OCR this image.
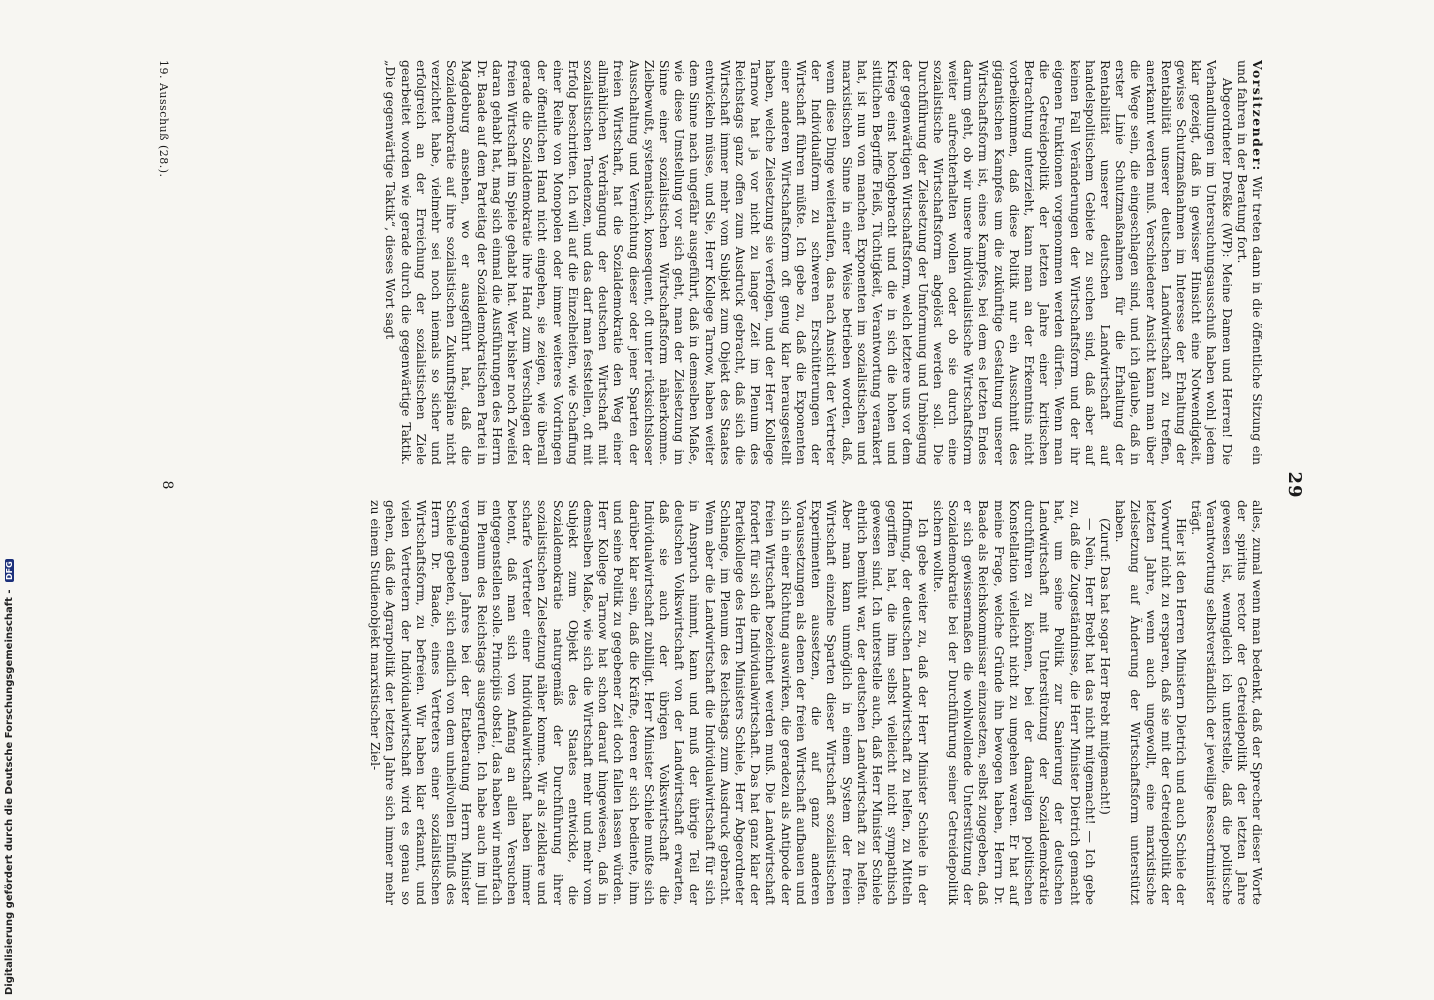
Digitalisierung gefördert durch die Deutsche Forschungsgemeinschaft - DFG
29

Vorsitzender: Wir treten dann in die öffentliche Sitzung ein und fahren in der Beratung fort.

Abgeordneter Dreßke (WP): Meine Damen und Herren! Die Verhandlungen im Untersuchungsausschuß haben wohl jedem klar gezeigt, daß in gewisser Hinsicht eine Notwendigkeit, gewisse Schutzmaßnahmen im Interesse der Erhaltung der Rentabilität unserer deutschen Landwirtschaft zu treffen, anerkannt werden muß. Verschiedener Ansicht kann man über die Wege sein, die eingeschlagen sind, und ich glaube, daß in erster Linie Schutzmaßnahmen für die Erhaltung der Rentabilität unserer deutschen Landwirtschaft auf handelspolitischem Gebiete zu suchen sind, daß aber auf keinen Fall Veränderungen der Wirtschaftsform und der ihr eigenen Funktionen vorgenommen werden dürfen. Wenn man die Getreidepolitik der letzten Jahre einer kritischen Betrachtung unterzieht, kann man an der Erkenntnis nicht vorbeikommen, daß diese Politik nur ein Ausschnitt des gigantischen Kampfes um die zukünftige Gestaltung unserer Wirtschaftsform ist, eines Kampfes, bei dem es letzten Endes darum geht, ob wir unsere individualistische Wirtschaftsform weiter aufrechterhalten wollen oder ob sie durch eine sozialistische Wirtschaftsform abgelöst werden soll. Die Durchführung der Zielsetzung der Umformung und Umbiegung der gegenwärtigen Wirtschaftsform, welch letztere uns vor dem Kriege einst hochgebracht und die in sich die hohen und sittlichen Begriffe Fleiß, Tüchtigkeit, Verantwortung verankert hat, ist nun von manchen Exponenten im sozialistischen und marxistischen Sinne in einer Weise betrieben worden, daß, wenn diese Dinge weiterlaufen, das nach Ansicht der Vertreter der Individualform zu schweren Erschütterungen der Wirtschaft führen müßte. Ich gebe zu, daß die Exponenten einer anderen Wirtschaftsform oft genug klar herausgestellt haben, welche Zielsetzung sie verfolgen, und der Herr Kollege Tarnow hat ja vor nicht zu langer Zeit im Plenum des Reichstags ganz offen zum Ausdruck gebracht, daß sich die Wirtschaft immer mehr vom Subjekt zum Objekt des Staates entwickeln müsse, und Sie, Herr Kollege Tarnow, haben weiter dem Sinne nach ungefähr ausgeführt, daß in demselben Maße, wie diese Umstellung vor sich geht, man der Zielsetzung im Sinne einer sozialistischen Wirtschaftsform näherkomme. Zielbewußt, systematisch, konsequent, oft unter rücksichtsloser Ausschaltung und Vernichtung dieser oder jener Sparten der freien Wirtschaft, hat die Sozialdemokratie den Weg einer allmählichen Verdrängung der deutschen Wirtschaft mit sozialistischen Tendenzen, und das darf man feststellen, oft mit Erfolg beschritten. Ich will auf die Einzelheiten, wie Schaffung einer Reihe von Monopolen oder immer weiteres Vordringen der öffentlichen Hand nicht eingehen, sie zeigen, wie überall gerade die Sozialdemokratie ihre Hand zum Verschlagen der freien Wirtschaft im Spiele gehabt hat. Wer bisher noch Zweifel daran gehabt hat, mag sich einmal die Ausführungen des Herrn Dr. Baade auf dem Parteitag der Sozialdemokratischen Partei in Magdeburg ansehen, wo er ausgeführt hat, daß die Sozialdemokratie auf ihre sozialistischen Zukunftspläne nicht verzichtet habe, vielmehr sei noch niemals so sicher und erfolgreich an der Erreichung der sozialistischen Ziele gearbeitet worden wie gerade durch die gegenwärtige Taktik. „Die gegenwärtige Taktik“, dieses Wort sagt

alles, zumal wenn man bedenkt, daß der Sprecher dieser Worte der spiritus rector der Getreidepolitik der letzten Jahre gewesen ist, wenngleich ich unterstelle, daß die politische Verantwortung selbstverständlich der jeweilige Ressortminister trägt.

Hier ist den Herren Ministern Dietrich und auch Schiele der Vorwurf nicht zu ersparen, daß sie mit der Getreidepolitik der letzten Jahre, wenn auch ungewollt, eine marxistische Zielsetzung auf Änderung der Wirtschaftsform unterstützt haben.

(Zuruf: Das hat sogar Herr Brebt mitgemacht!)

— Nein, Herr Brebt hat das nicht mitgemacht! — Ich gebe zu, daß die Zugeständnisse, die Herr Minister Dietrich gemacht hat, um seine Politik zur Sanierung der deutschen Landwirtschaft mit Unterstützung der Sozialdemokratie durchführen zu können, bei der damaligen politischen Konstellation vielleicht nicht zu umgehen waren. Er hat auf meine Frage, welche Gründe ihn bewogen haben, Herrn Dr. Baade als Reichskommissar einzusetzen, selbst zugegeben, daß er sich gewissermaßen die wohlwollende Unterstützung der Sozialdemokratie bei der Durchführung seiner Getreidepolitik sichern wollte.

Ich gebe weiter zu, daß der Herr Minister Schiele in der Hoffnung, der deutschen Landwirtschaft zu helfen, zu Mitteln gegriffen hat, die ihm selbst vielleicht nicht sympathisch gewesen sind. Ich unterstelle auch, daß Herr Minister Schiele ehrlich bemüht war, der deutschen Landwirtschaft zu helfen. Aber man kann unmöglich in einem System der freien Wirtschaft einzelne Sparten dieser Wirtschaft sozialistischen Experimenten aussetzen, die auf ganz anderen Voraussetzungen als denen der freien Wirtschaft aufbauen und sich in einer Richtung auswirken, die geradezu als Antipode der freien Wirtschaft bezeichnet werden muß. Die Landwirtschaft fordert für sich die Individualwirtschaft. Das hat ganz klar der Parteikollege des Herrn Ministers Schiele, Herr Abgeordneter Schlange, im Plenum des Reichstags zum Ausdruck gebracht. Wenn aber die Landwirtschaft die Individualwirtschaft für sich in Anspruch nimmt, kann und muß der übrige Teil der deutschen Volkswirtschaft von der Landwirtschaft erwarten, daß sie auch der übrigen Volkswirtschaft die Individualwirtschaft zubilligt. Herr Minister Schiele mußte sich darüber klar sein, daß die Kräfte, deren er sich bediente, ihm und seine Politik zu gegebener Zeit doch fallen lassen würden. Herr Kollege Tarnow hat schon darauf hingewiesen, daß in demselben Maße, wie sich die Wirtschaft mehr und mehr vom Subjekt zum Objekt des Staates entwickle, die Sozialdemokratie naturgemäß der Durchführung ihrer sozialistischen Zielsetzung näher komme. Wir als zielklare und scharfe Vertreter einer Individualwirtschaft haben immer betont, daß man sich von Anfang an allen Versuchen entgegenstellen solle. Principiis obsta!, das haben wir mehrfach im Plenum des Reichstags ausgerufen. Ich habe auch im Juli vergangenen Jahres bei der Etatberatung Herrn Minister Schiele gebeten, sich endlich von dem unheilvollen Einfluß des Herrn Dr. Baade, eines Vertreters einer sozialistischen Wirtschaftsform, zu befreien. Wir haben klar erkannt, und vielen Vertretern der Individualwirtschaft wird es genau so gehen, daß die Agrarpolitik der letzten Jahre sich immer mehr zu einem Studienobjekt marxistischer Ziel-

19. Ausschuß (28.).
8
